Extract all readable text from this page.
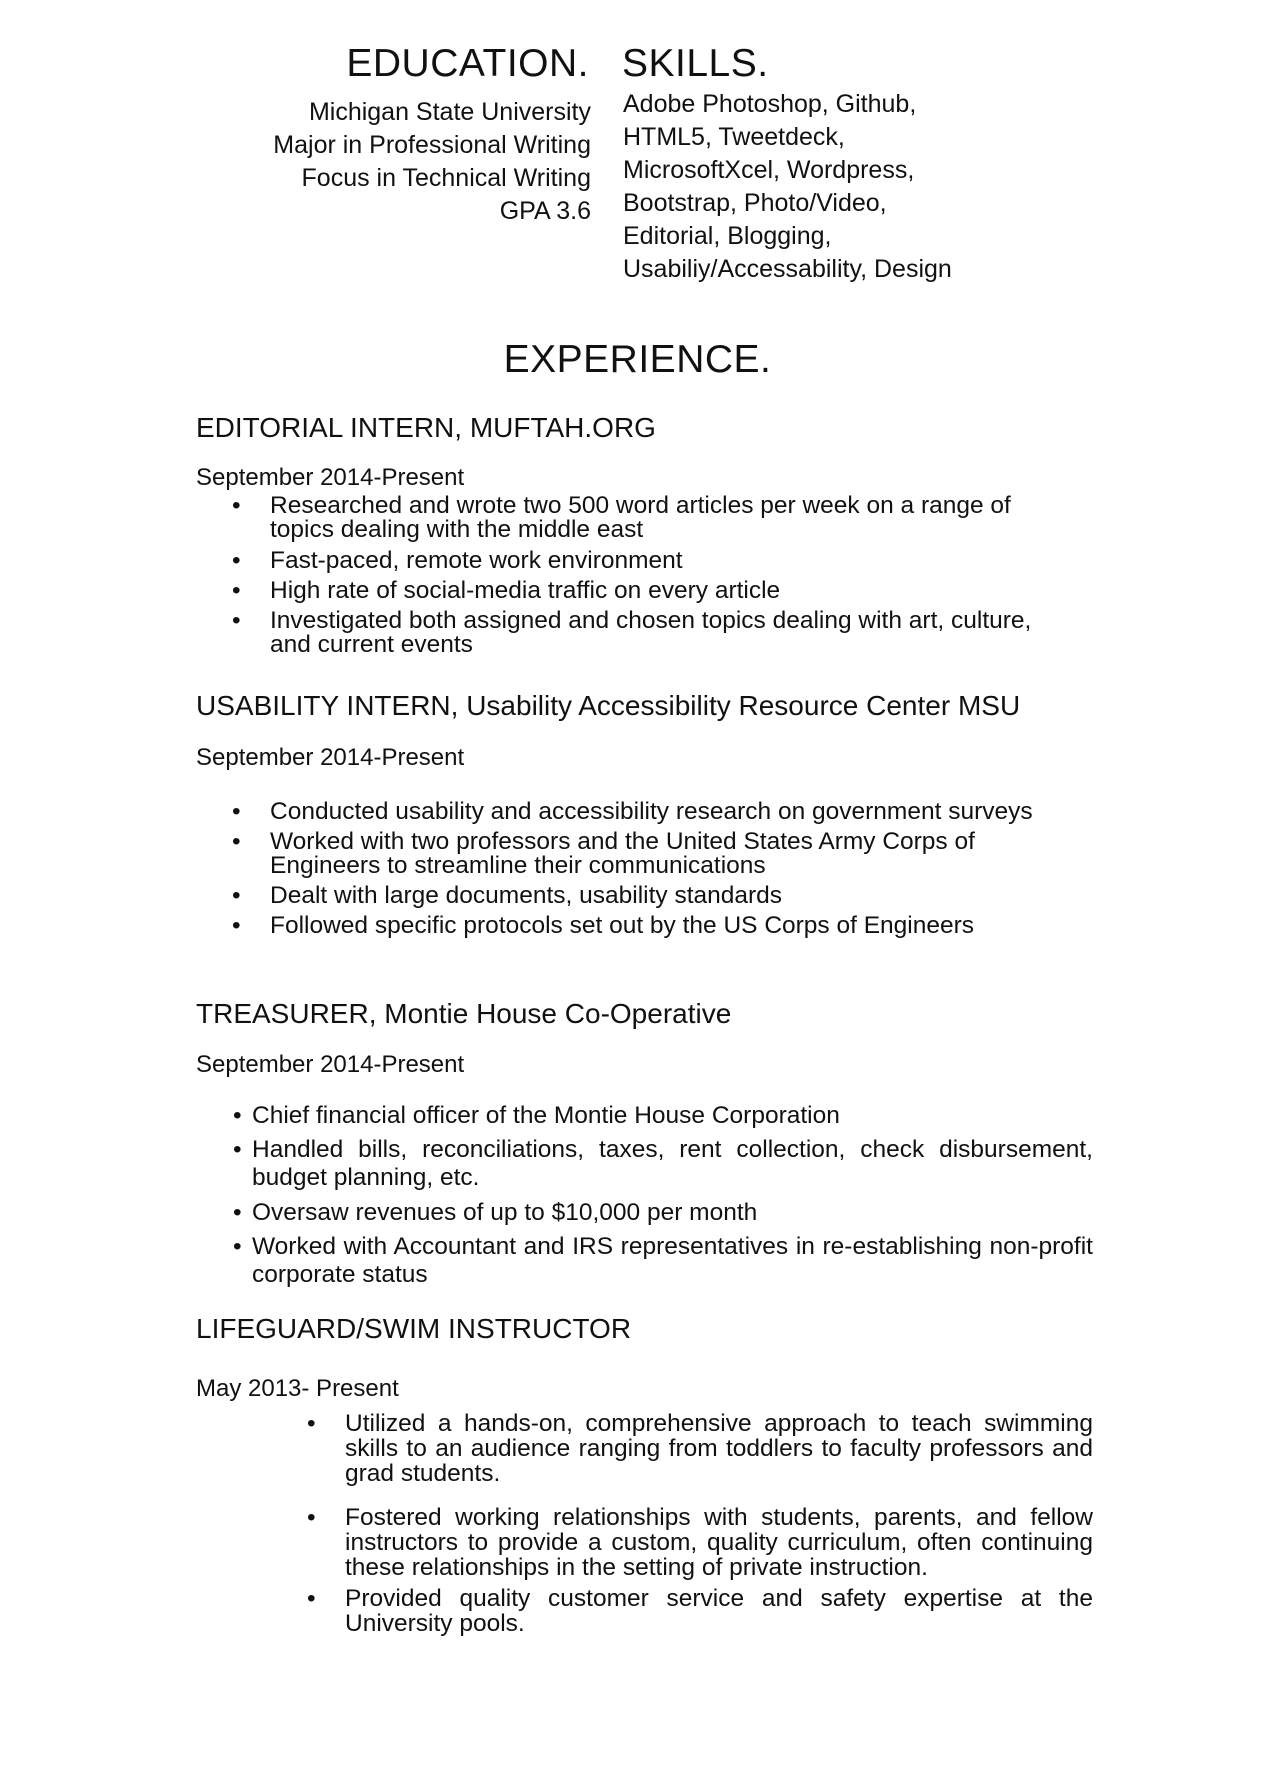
EDUCATION. SKILLS.
Michigan State University
Major in Professional Writing
Focus in Technical Writing
GPA 3.6
Adobe Photoshop, Github,
HTML5, Tweetdeck,
MicrosoftXcel, Wordpress,
Bootstrap, Photo/Video,
Editorial, Blogging,
Usabiliy/Accessability, Design
EXPERIENCE.
EDITORIAL INTERN, MUFTAH.ORG
September 2014-Present
•	Researched and wrote two 500 word articles per week on a range of topics dealing with the middle east
•	Fast-paced, remote work environment
•	High rate of social-media traffic on every article
•	Investigated both assigned and chosen topics dealing with art, culture, and current events
USABILITY INTERN, Usability Accessibility Resource Center MSU
September 2014-Present
•	Conducted usability and accessibility research on government surveys
•	Worked with two professors and the United States Army Corps of Engineers to streamline their communications
•	Dealt with large documents, usability standards
•	Followed specific protocols set out by the US Corps of Engineers
TREASURER, Montie House Co-Operative
September 2014-Present
• Chief financial officer of the Montie House Corporation
• Handled bills, reconciliations, taxes, rent collection, check disbursement, budget planning, etc.
• Oversaw revenues of up to $10,000 per month
• Worked with Accountant and IRS representatives in re-establishing non-profit corporate status
LIFEGUARD/SWIM INSTRUCTOR
May 2013- Present
• Utilized a hands-on, comprehensive approach to teach swimming skills to an audience ranging from toddlers to faculty professors and grad students.
• Fostered working relationships with students, parents, and fellow instructors to provide a custom, quality curriculum, often continuing these relationships in the setting of private instruction.
• Provided quality customer service and safety expertise at the University pools.
